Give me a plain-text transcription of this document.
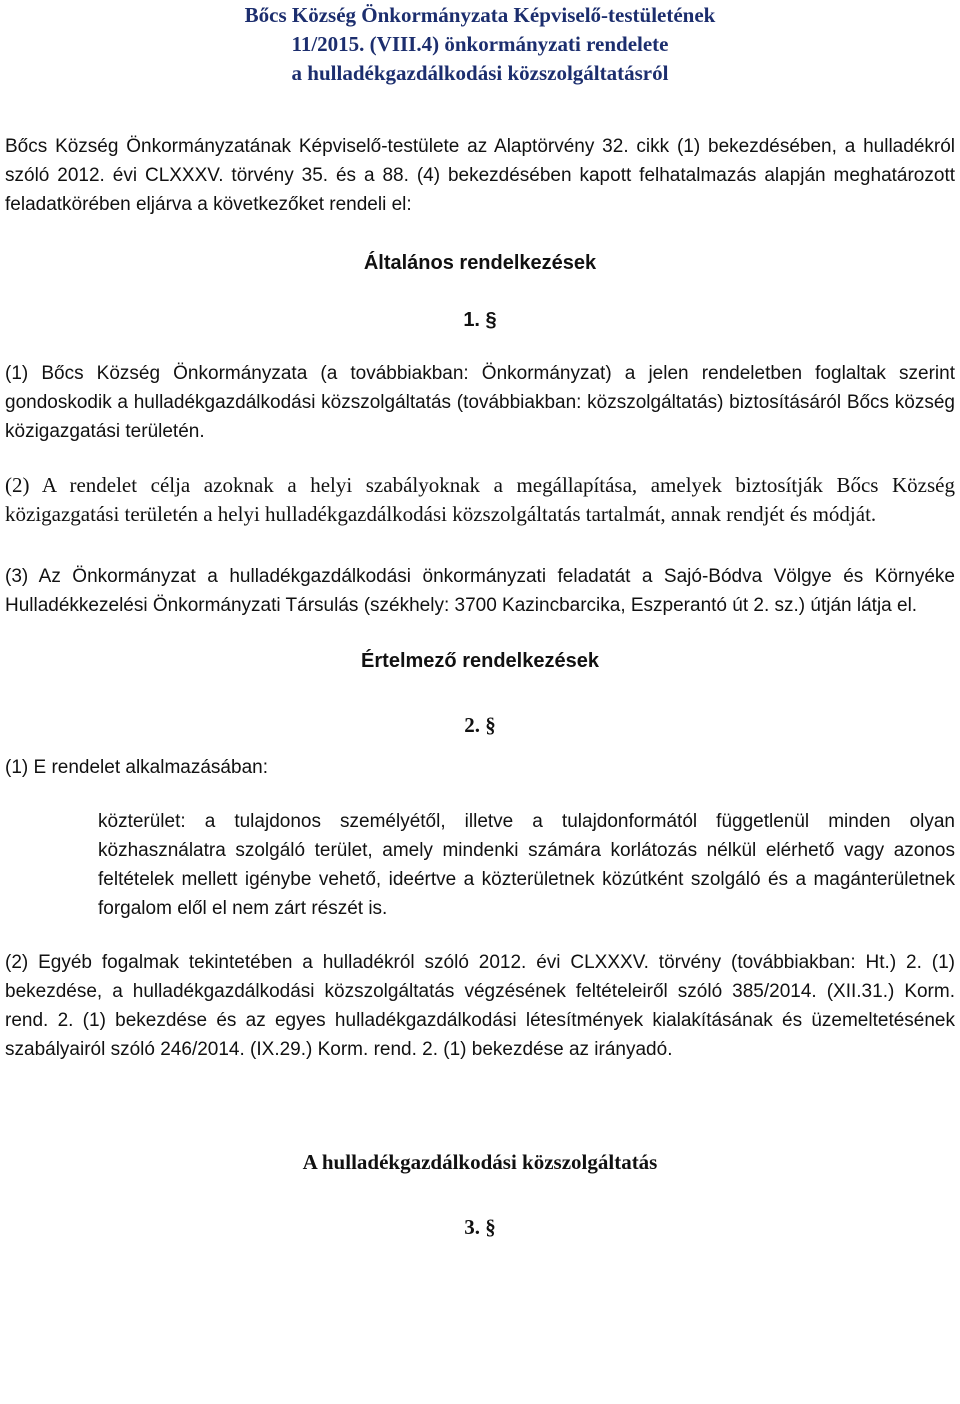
Bőcs Község Önkormányzata Képviselő-testületének
11/2015. (VIII.4) önkormányzati rendelete
a hulladékgazdálkodási közszolgáltatásról

Bőcs Község Önkormányzatának Képviselő-testülete az Alaptörvény 32. cikk (1) bekezdésében, a hulladékról szóló 2012. évi CLXXXV. törvény 35. és a 88. (4) bekezdésében kapott felhatalmazás alapján meghatározott feladatkörében eljárva a következőket rendeli el:

Általános rendelkezések

1. §

(1) Bőcs Község Önkormányzata (a továbbiakban: Önkormányzat) a jelen rendeletben foglaltak szerint gondoskodik a hulladékgazdálkodási közszolgáltatás (továbbiakban: közszolgáltatás) biztosításáról Bőcs község közigazgatási területén.

(2) A rendelet célja azoknak a helyi szabályoknak a megállapítása, amelyek biztosítják Bőcs Község közigazgatási területén a helyi hulladékgazdálkodási közszolgáltatás tartalmát, annak rendjét és módját.

(3) Az Önkormányzat a hulladékgazdálkodási önkormányzati feladatát a Sajó-Bódva Völgye és Környéke Hulladékkezelési Önkormányzati Társulás (székhely: 3700 Kazincbarcika, Eszperantó út 2. sz.) útján látja el.

Értelmező rendelkezések

2. §

(1) E rendelet alkalmazásában:

közterület: a tulajdonos személyétől, illetve a tulajdonformától függetlenül minden olyan közhasználatra szolgáló terület, amely mindenki számára korlátozás nélkül elérhető vagy azonos feltételek mellett igénybe vehető, ideértve a közterületnek közútként szolgáló és a magánterületnek forgalom elől el nem zárt részét is.

(2) Egyéb fogalmak tekintetében a hulladékról szóló 2012. évi CLXXXV. törvény (továbbiakban: Ht.) 2. (1) bekezdése, a hulladékgazdálkodási közszolgáltatás végzésének feltételeiről szóló 385/2014. (XII.31.) Korm. rend. 2. (1) bekezdése és az egyes hulladékgazdálkodási létesítmények kialakításának és üzemeltetésének szabályairól szóló 246/2014. (IX.29.) Korm. rend. 2. (1) bekezdése az irányadó.

A hulladékgazdálkodási közszolgáltatás

3. §
